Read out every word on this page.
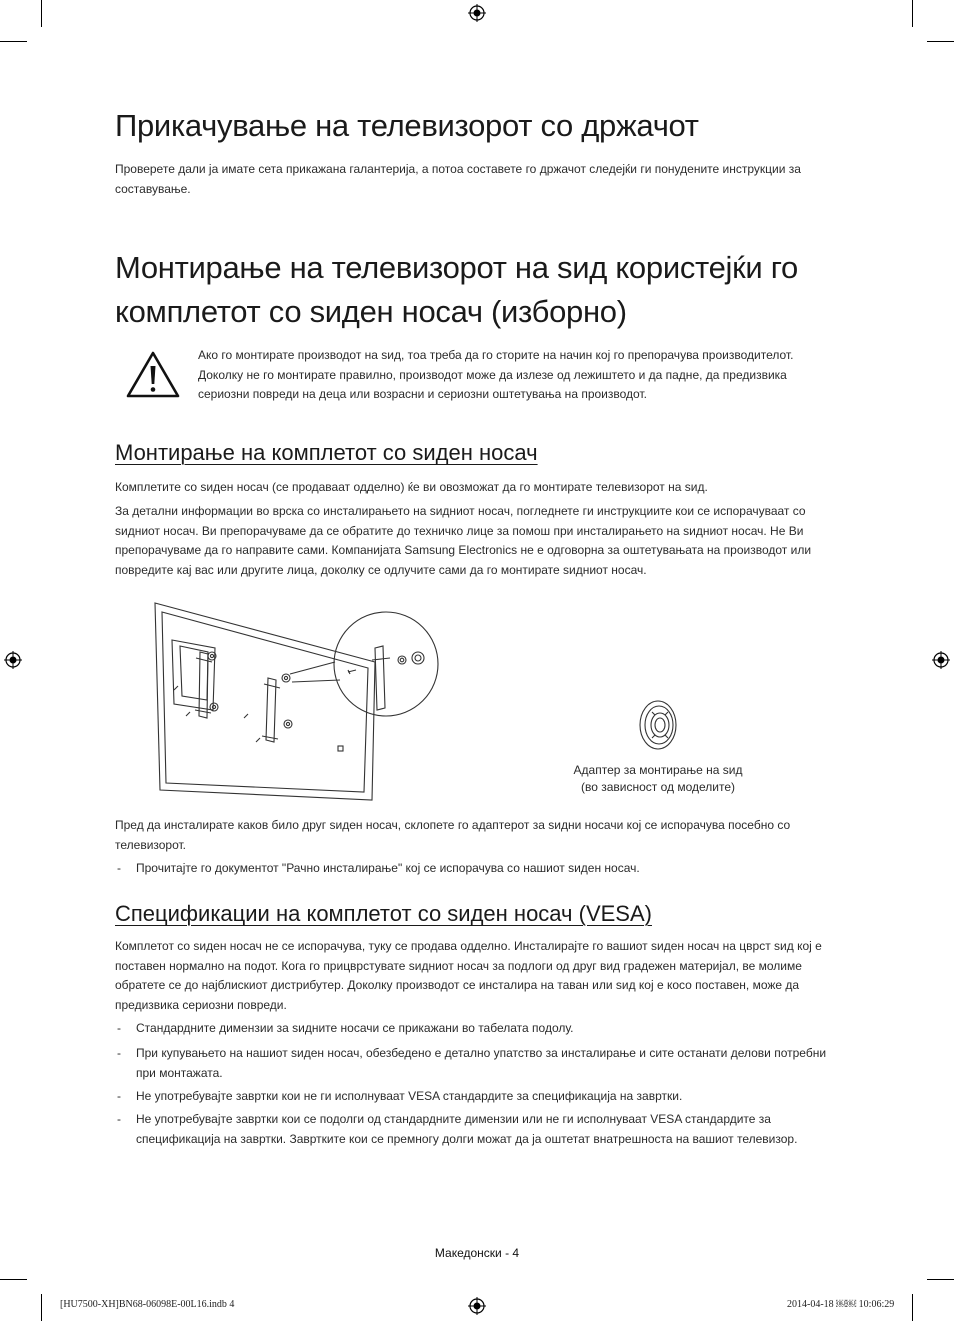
Прикачување на телевизорот со држачот

Проверете дали ја имате сета прикажана галантерија, а потоа составете го држачот следејќи ги понудените инструкции за составување.

Монтирање на телевизорот на ѕид користејќи го
комплетот со ѕиден носач (изборно)

Ако го монтирате производот на ѕид, тоа треба да го сторите на начин кој го препорачува производителот. Доколку не го монтирате правилно, производот може да излезе од лежиштето и да падне, да предизвика сериозни повреди на деца или возрасни и сериозни оштетувања на производот.

Монтирање на комплетот со ѕиден носач

Комплетите со ѕиден носач (се продаваат одделно) ќе ви овозможат да го монтирате телевизорот на ѕид.

За детални информации во врска со инсталирањето на ѕидниот носач, погледнете ги инструкциите кои се испорачуваат со ѕидниот носач. Ви препорачуваме да се обратите до техничко лице за помош при инсталирањето на ѕидниот носач. Не Ви препорачуваме да го направите сами. Компанијата Samsung Electronics не е одговорна за оштетувањата на производот или повредите кај вас или другите лица, доколку се одлучите сами да го монтирате ѕидниот носач.

Адаптер за монтирање на ѕид
(во зависност од моделите)

Пред да инсталирате каков било друг ѕиден носач, склопете го адаптерот за ѕидни носачи кој се испорачува посебно со телевизорот.

- Прочитајте го документот "Рачно инсталирање" кој се испорачува со нашиот ѕиден носач.
Спецификации на комплетот со ѕиден носач (VESA)

Комплетот со ѕиден носач не се испорачува, туку се продава одделно. Инсталирајте го вашиот ѕиден носач на цврст ѕид кој е поставен нормално на подот. Кога го прицврстувате ѕидниот носач за подлоги од друг вид градежен материјал, ве молиме обратете се до најблискиот дистрибутер. Доколку производот се инсталира на таван или ѕид кој е косо поставен, може да предизвика сериозни повреди.

- Стандардните димензии за ѕидните носачи се прикажани во табелата подолу.
- При купувањето на нашиот ѕиден носач, обезбедено е детално упатство за инсталирање и сите останати делови потребни при монтажата.
- Не употребувајте завртки кои не ги исполнуваат VESA стандардите за спецификација на завртки.
- Не употребувајте завртки кои се подолги од стандардните димензии или не ги исполнуваат VESA стандардите за спецификација на завртки. Завртките кои се премногу долги можат да ја оштетат внатрешноста на вашиот телевизор.
Македонски - 4
[HU7500-XH]BN68-06098E-00L16.indb 4	2014-04-18 ￼￼ 10:06:29
